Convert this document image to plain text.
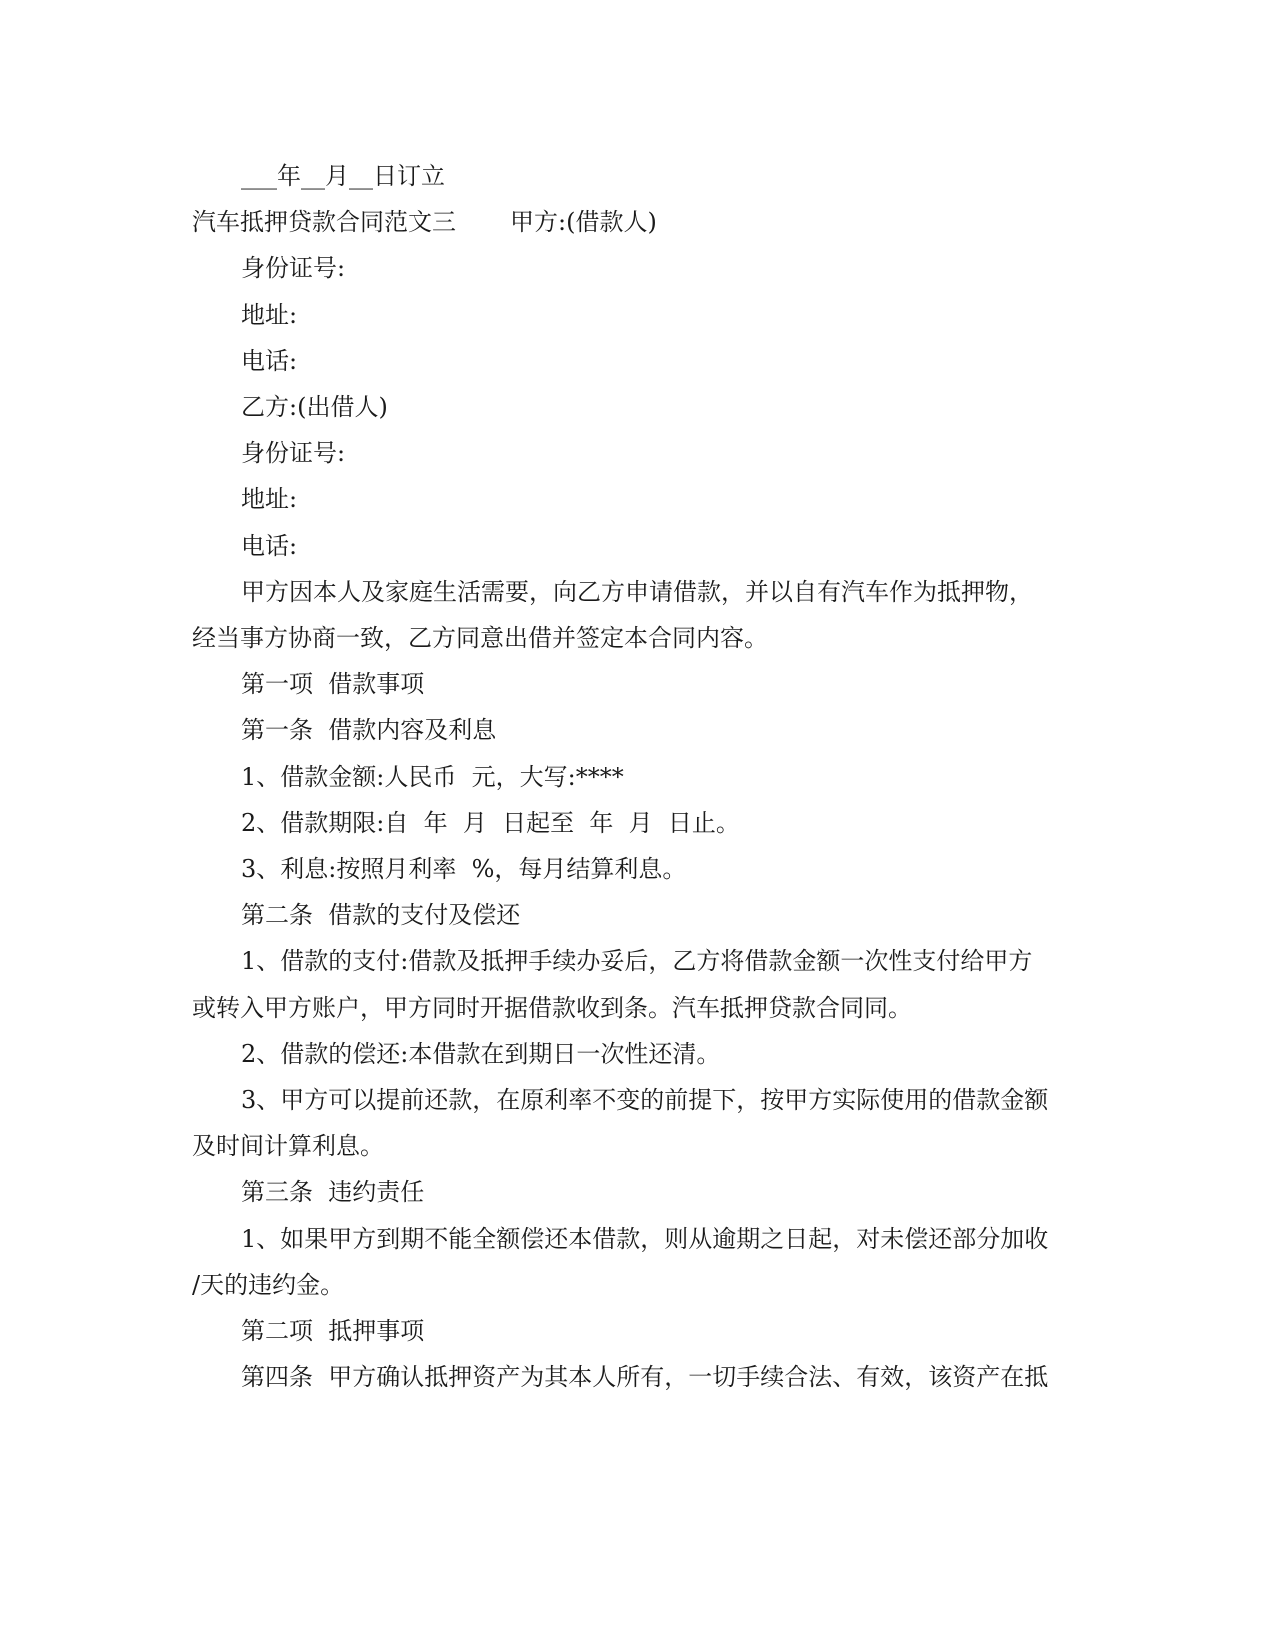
___年__月__日订立
汽车抵押贷款合同范文三 甲方:(借款人)
身份证号:
地址:
电话:
乙方:(出借人)
身份证号:
地址:
电话:
甲方因本人及家庭生活需要，向乙方申请借款，并以自有汽车作为抵押物，
经当事方协商一致，乙方同意出借并签定本合同内容。
第一项  借款事项
第一条  借款内容及利息
1、借款金额:人民币  元，大写:****
2、借款期限:自  年  月  日起至  年  月  日止。
3、利息:按照月利率  %，每月结算利息。
第二条  借款的支付及偿还
1、借款的支付:借款及抵押手续办妥后，乙方将借款金额一次性支付给甲方
或转入甲方账户，甲方同时开据借款收到条。汽车抵押贷款合同同。
2、借款的偿还:本借款在到期日一次性还清。
3、甲方可以提前还款，在原利率不变的前提下，按甲方实际使用的借款金额
及时间计算利息。
第三条  违约责任
1、如果甲方到期不能全额偿还本借款，则从逾期之日起，对未偿还部分加收
/天的违约金。
第二项  抵押事项
第四条  甲方确认抵押资产为其本人所有，一切手续合法、有效，该资产在抵
